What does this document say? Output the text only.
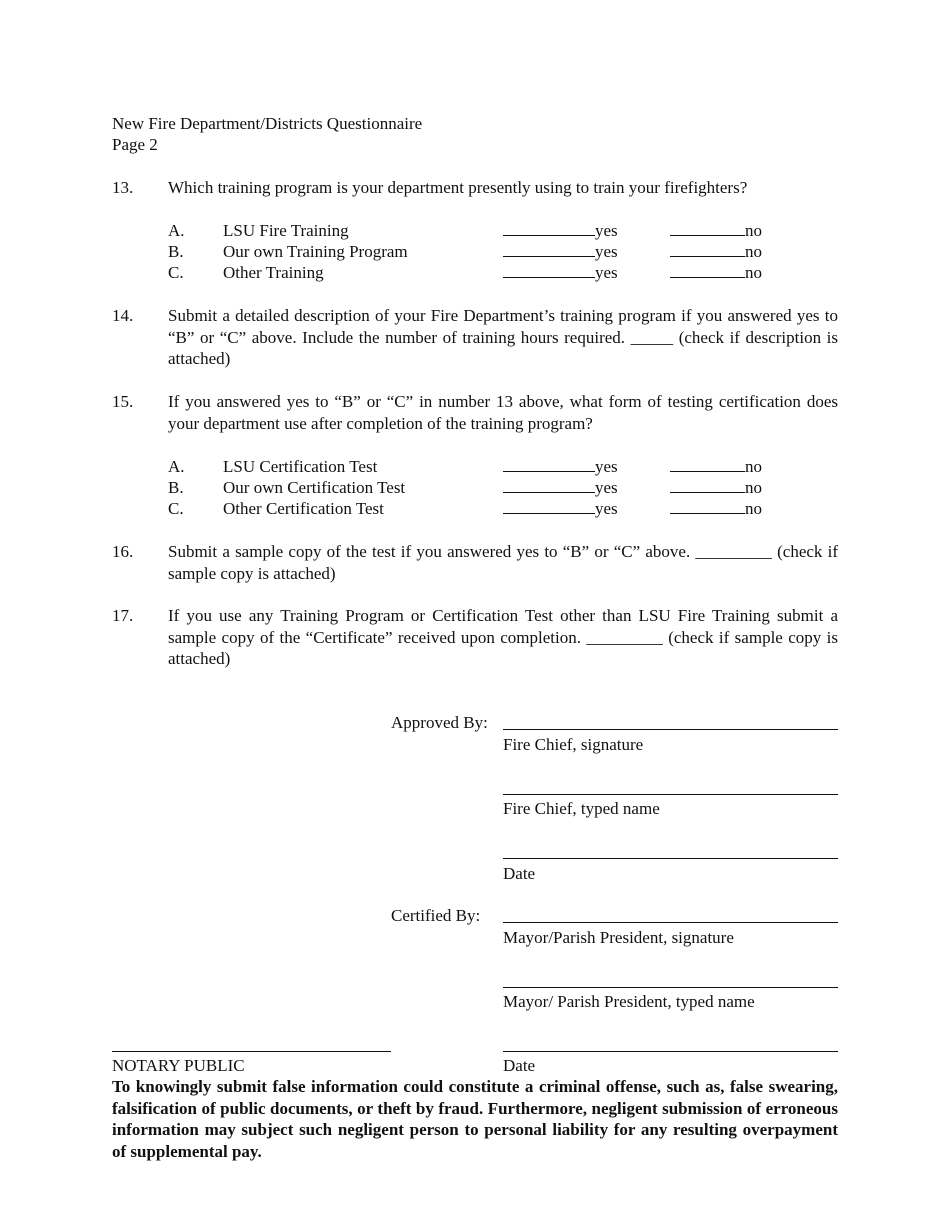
New Fire Department/Districts Questionnaire
Page 2
13. Which training program is your department presently using to train your firefighters?
A. LSU Fire Training	yes	no
B. Our own Training Program	yes	no
C. Other Training	yes	no
14. Submit a detailed description of your Fire Department’s training program if you answered yes to “B” or “C” above. Include the number of training hours required. _____ (check if description is attached)
15. If you answered yes to “B” or “C” in number 13 above, what form of testing certification does your department use after completion of the training program?
A. LSU Certification Test	yes	no
B. Our own Certification Test	yes	no
C. Other Certification Test	yes	no
16. Submit a sample copy of the test if you answered yes to “B” or “C” above. _________ (check if sample copy is attached)
17. If you use any Training Program or Certification Test other than LSU Fire Training submit a sample copy of the “Certificate” received upon completion. _________ (check if sample copy is attached)
Approved By:
Fire Chief, signature
Fire Chief, typed name
Date
Certified By:
Mayor/Parish President, signature
Mayor/ Parish President, typed name
NOTARY PUBLIC	Date
To knowingly submit false information could constitute a criminal offense, such as, false swearing, falsification of public documents, or theft by fraud. Furthermore, negligent submission of erroneous information may subject such negligent person to personal liability for any resulting overpayment of supplemental pay.
